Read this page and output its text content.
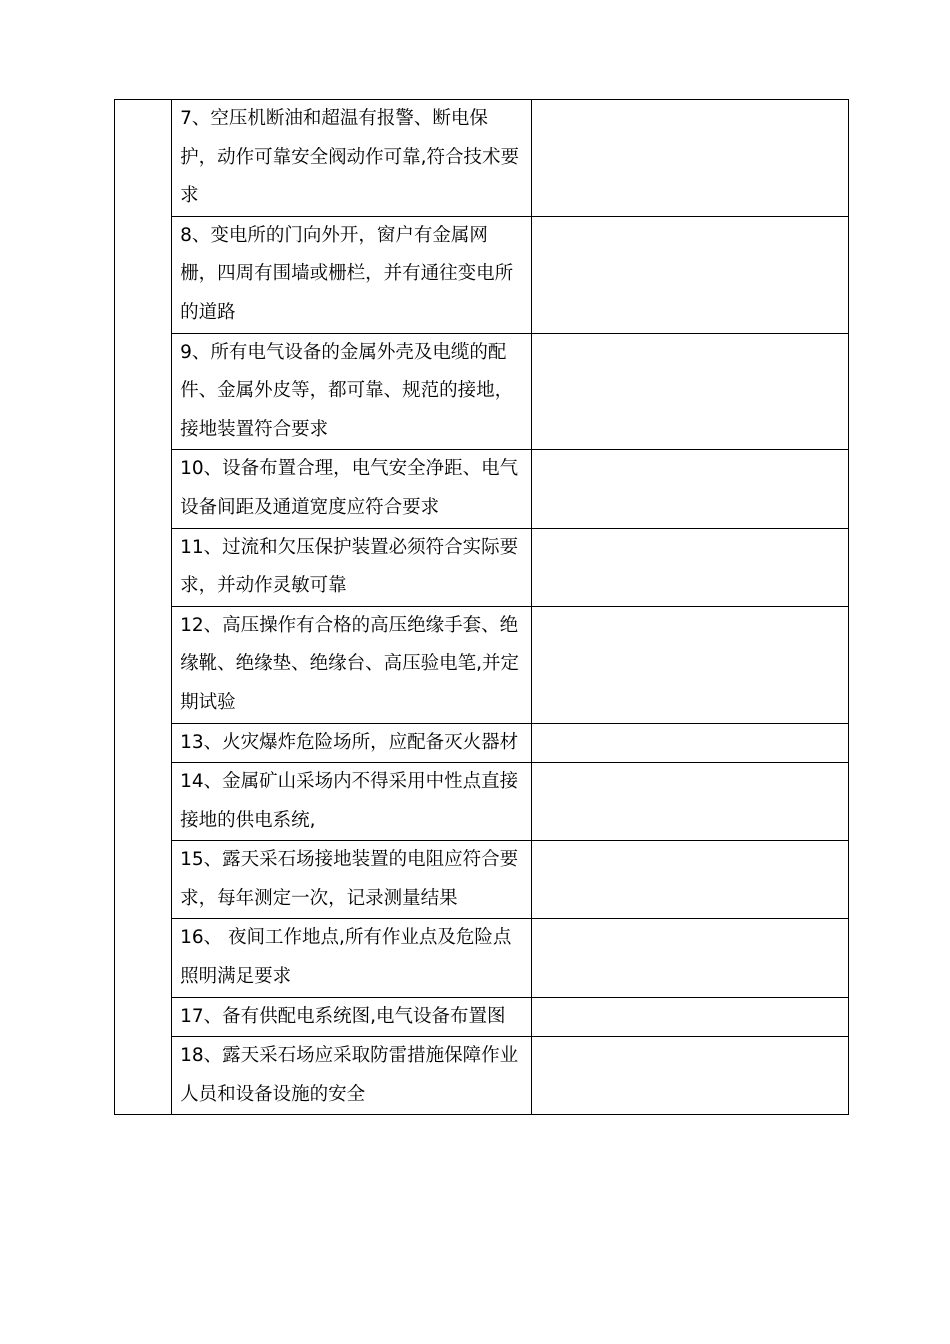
	7、空压机断油和超温有报警、断电保护，动作可靠安全阀动作可靠,符合技术要求	

	8、变电所的门向外开，窗户有金属网栅，四周有围墙或栅栏，并有通往变电所的道路	

	9、所有电气设备的金属外壳及电缆的配件、金属外皮等，都可靠、规范的接地，接地装置符合要求	

	10、设备布置合理，电气安全净距、电气设备间距及通道宽度应符合要求	

	11、过流和欠压保护装置必须符合实际要求，并动作灵敏可靠	

	12、高压操作有合格的高压绝缘手套、绝缘靴、绝缘垫、绝缘台、高压验电笔,并定期试验	

	13、火灾爆炸危险场所，应配备灭火器材	

	14、金属矿山采场内不得采用中性点直接接地的供电系统,	

	15、露天采石场接地装置的电阻应符合要求，每年测定一次，记录测量结果	

	16、 夜间工作地点,所有作业点及危险点照明满足要求	

	17、备有供配电系统图,电气设备布置图	

	18、露天采石场应采取防雷措施保障作业人员和设备设施的安全	
